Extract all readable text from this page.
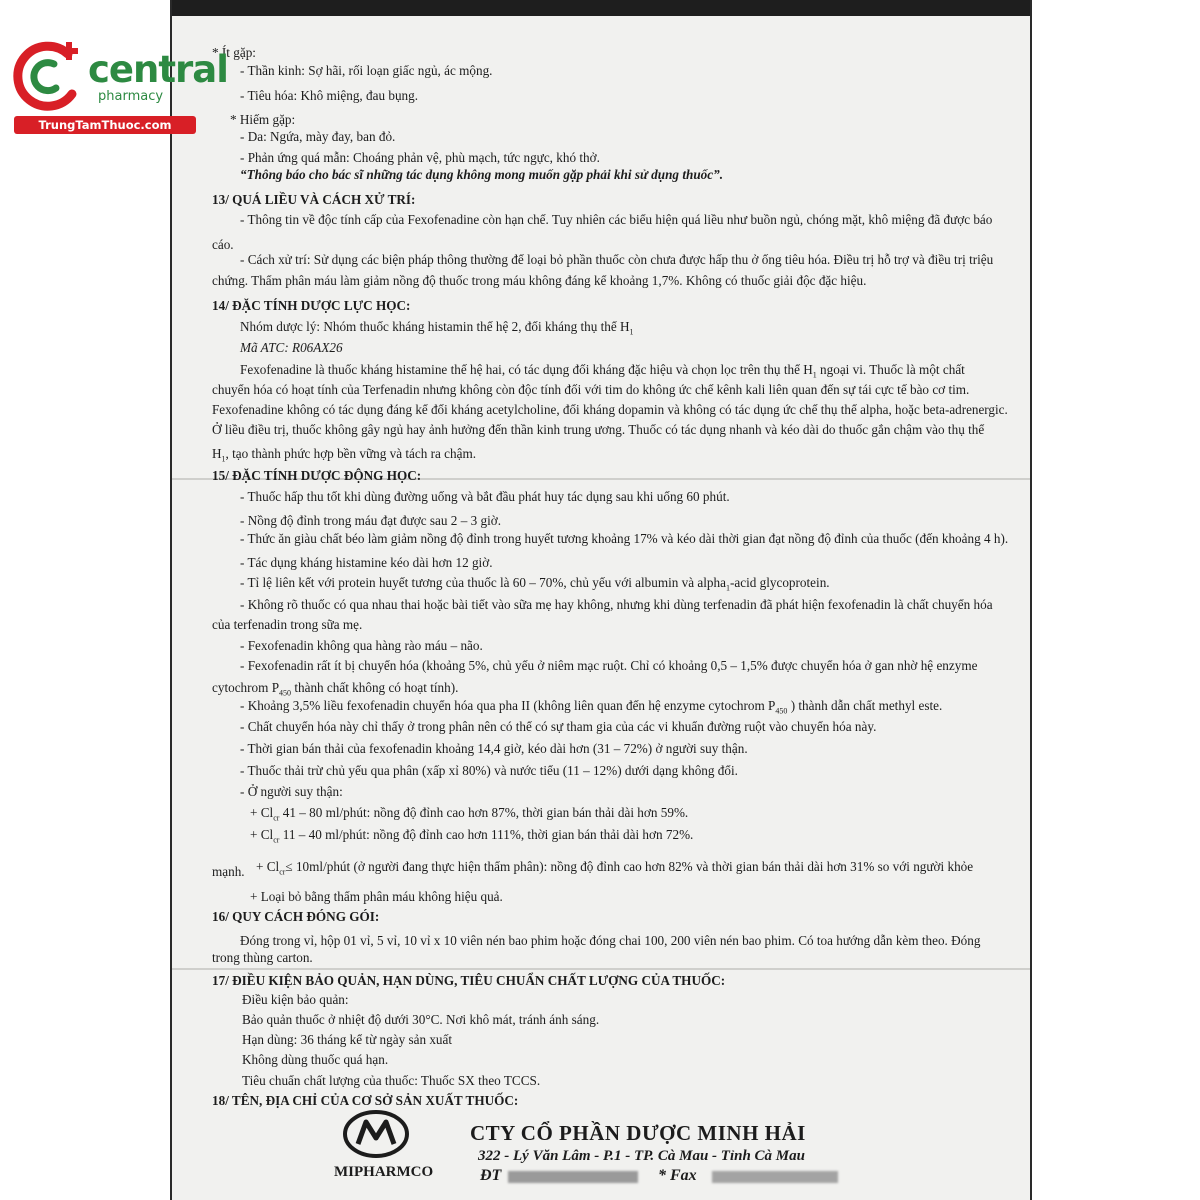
* Ít gặp:
- Thần kinh: Sợ hãi, rối loạn giấc ngủ, ác mộng.
- Tiêu hóa: Khô miệng, đau bụng.
* Hiếm gặp:
- Da: Ngứa, mày đay, ban đỏ.
- Phản ứng quá mẫn: Choáng phản vệ, phù mạch, tức ngực, khó thở.
“Thông báo cho bác sĩ những tác dụng không mong muốn gặp phải khi sử dụng thuốc”.
13/ QUÁ LIỀU VÀ CÁCH XỬ TRÍ:
- Thông tin về độc tính cấp của Fexofenadine còn hạn chế. Tuy nhiên các biểu hiện quá liều như buồn ngủ, chóng mặt, khô miệng đã được báo
cáo.
- Cách xử trí: Sử dụng các biện pháp thông thường để loại bỏ phần thuốc còn chưa được hấp thu ở ống tiêu hóa. Điều trị hỗ trợ và điều trị triệu
chứng. Thẩm phân máu làm giảm nồng độ thuốc trong máu không đáng kể khoảng 1,7%. Không có thuốc giải độc đặc hiệu.
14/ ĐẶC TÍNH DƯỢC LỰC HỌC:
Nhóm dược lý: Nhóm thuốc kháng histamin thế hệ 2, đối kháng thụ thể $H_1$
Mã ATC: R06AX26
Fexofenadine là thuốc kháng histamine thế hệ hai, có tác dụng đối kháng đặc hiệu và chọn lọc trên thụ thể $H_1$ ngoại vi. Thuốc là một chất
chuyển hóa có hoạt tính của Terfenadin nhưng không còn độc tính đối với tim do không ức chế kênh kali liên quan đến sự tái cực tế bào cơ tim.
Fexofenadine không có tác dụng đáng kể đối kháng acetylcholine, đối kháng dopamin và không có tác dụng ức chế thụ thể alpha, hoặc beta-adrenergic.
Ở liều điều trị, thuốc không gây ngủ hay ảnh hưởng đến thần kinh trung ương. Thuốc có tác dụng nhanh và kéo dài do thuốc gắn chậm vào thụ thể
$H_1$, tạo thành phức hợp bền vững và tách ra chậm.
15/ ĐẶC TÍNH DƯỢC ĐỘNG HỌC:
- Thuốc hấp thu tốt khi dùng đường uống và bắt đầu phát huy tác dụng sau khi uống 60 phút.
- Nồng độ đỉnh trong máu đạt được sau 2 – 3 giờ.
- Thức ăn giàu chất béo làm giảm nồng độ đỉnh trong huyết tương khoảng 17% và kéo dài thời gian đạt nồng độ đỉnh của thuốc (đến khoảng 4 h).
- Tác dụng kháng histamine kéo dài hơn 12 giờ.
- Tỉ lệ liên kết với protein huyết tương của thuốc là 60 – 70%, chủ yếu với albumin và alpha$_1$-acid glycoprotein.
- Không rõ thuốc có qua nhau thai hoặc bài tiết vào sữa mẹ hay không, nhưng khi dùng terfenadin đã phát hiện fexofenadin là chất chuyển hóa
của terfenadin trong sữa mẹ.
- Fexofenadin không qua hàng rào máu – não.
- Fexofenadin rất ít bị chuyển hóa (khoảng 5%, chủ yếu ở niêm mạc ruột. Chỉ có khoảng 0,5 – 1,5% được chuyển hóa ở gan nhờ hệ enzyme
cytochrom $P_{450}$ thành chất không có hoạt tính).
- Khoảng 3,5% liều fexofenadin chuyển hóa qua pha II (không liên quan đến hệ enzyme cytochrom $P_{450}$ ) thành dẫn chất methyl este.
- Chất chuyển hóa này chỉ thấy ở trong phân nên có thể có sự tham gia của các vi khuẩn đường ruột vào chuyển hóa này.
- Thời gian bán thải của fexofenadin khoảng 14,4 giờ, kéo dài hơn (31 – 72%) ở người suy thận.
- Thuốc thải trừ chủ yếu qua phân (xấp xỉ 80%) và nước tiểu (11 – 12%) dưới dạng không đổi.
- Ở người suy thận:
+ $Cl_{cr}$ 41 – 80 ml/phút: nồng độ đỉnh cao hơn 87%, thời gian bán thải dài hơn 59%.
+ $Cl_{cr}$ 11 – 40 ml/phút: nồng độ đỉnh cao hơn 111%, thời gian bán thải dài hơn 72%.
mạnh. + $Cl_{cr}\le$ 10ml/phút (ở người đang thực hiện thẩm phân): nồng độ đỉnh cao hơn 82% và thời gian bán thải dài hơn 31% so với người khỏe
+ Loại bỏ bằng thẩm phân máu không hiệu quả.
16/ QUY CÁCH ĐÓNG GÓI:
Đóng trong vỉ, hộp 01 vỉ, 5 vỉ, 10 vỉ x 10 viên nén bao phim hoặc đóng chai 100, 200 viên nén bao phim. Có toa hướng dẫn kèm theo. Đóng
trong thùng carton.
17/ ĐIỀU KIỆN BẢO QUẢN, HẠN DÙNG, TIÊU CHUẨN CHẤT LƯỢNG CỦA THUỐC:
Điều kiện bảo quản:
Bảo quản thuốc ở nhiệt độ dưới 30°C. Nơi khô mát, tránh ánh sáng.
Hạn dùng: 36 tháng kể từ ngày sản xuất
Không dùng thuốc quá hạn.
Tiêu chuẩn chất lượng của thuốc: Thuốc SX theo TCCS.
18/ TÊN, ĐỊA CHỈ CỦA CƠ SỞ SẢN XUẤT THUỐC:
central
pharmacy
TrungTamThuoc.com
CTY CỔ PHẦN DƯỢC MINH HẢI
322 - Lý Văn Lâm - P.1 - TP. Cà Mau - Tỉnh Cà Mau
ĐT	* Fax
MIPHARMCO
